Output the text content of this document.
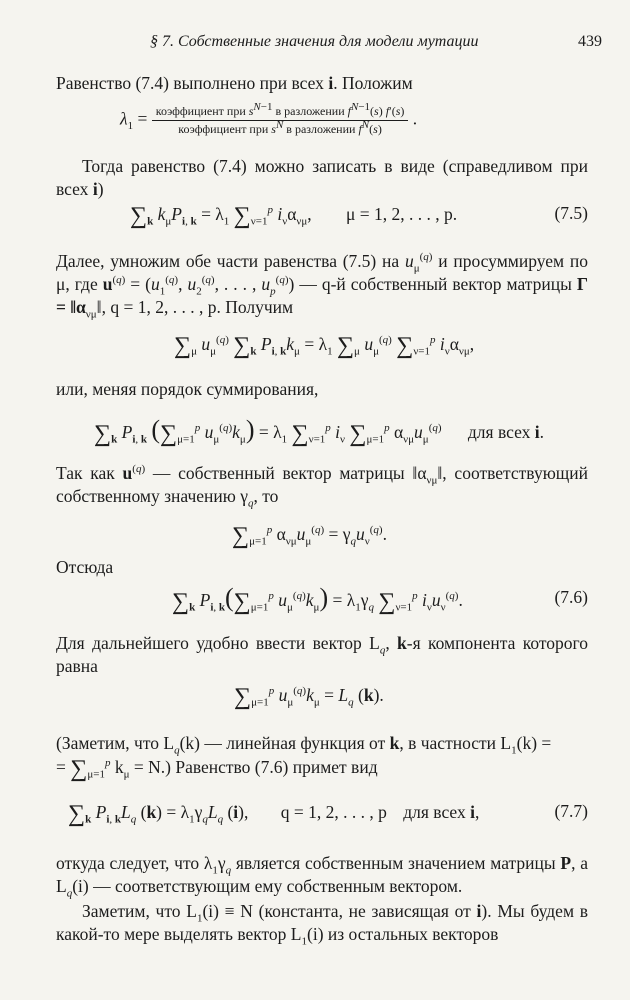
§ 7. Собственные значения для модели мутации	439
Равенство (7.4) выполнено при всех i. Положим
$\lambda_1 = \frac{коэффициент при s^{N-1} в разложении f^{N-1}(s) f'(s)}{коэффициент при s^N в разложении f^N(s)}$ .
Тогда равенство (7.4) можно записать в виде (справедливом при всех i)
$\sum_k$ $k_\mu P_{i, k} = \lambda_1$ $\sum_{\nu=1}^p$ $i_\nu\alpha_{\nu\mu}$, μ = 1, 2, . . . , p.	(7.5)
Далее, умножим обе части равенства (7.5) на $u_\mu^{(q)}$ и просуммируем по μ, где $u^{(q)} = (u_1^{(q)}$, $u_2^{(q)}$, . . . , $u_p^{(q)}$) — q-й собственный вектор матрицы $\Gamma = ‖\alpha_{\nu\mu}‖$, q = 1, 2, . . . , p. Получим
$\sum_\mu$ $u_\mu^{(q)}$ $\sum_k$ $P_{i, k}k_\mu = \lambda_1$ $\sum_\mu$ $u_\mu^{(q)}$ $\sum_{\nu=1}^p$ $i_\nu\alpha_{\nu\mu}$,
или, меняя порядок суммирования,
$\sum_k$ $P_{i, k}$ ($\sum_{\mu=1}^p$ $u_\mu^{(q)}k_\mu) = \lambda_1$ $\sum_{\nu=1}^p$ $i_\nu$ $\sum_{\mu=1}^p$ $\alpha_{\nu\mu}u_\mu^{(q)}$ для всех i.
Так как $u^{(q)}$ — собственный вектор матрицы $‖\alpha_{\nu\mu}‖$, соответствующий собственному значению $\gamma_q$, то
$\sum_{\mu=1}^p$ $\alpha_{\nu\mu}u_\mu^{(q)} = \gamma_qu_\nu^{(q)}$.
Отсюда
$\sum_k$ $P_{i, k}(\sum_{\mu=1}^p$ $u_\mu^{(q)}k_\mu) = \lambda_1\gamma_q$ $\sum_{\nu=1}^p$ $i_\nu u_\nu^{(q)}$.	(7.6)
Для дальнейшего удобно ввести вектор $L_q$, k-я компонента которого равна
$\sum_{\mu=1}^p$ $u_\mu^{(q)}k_\mu = L_q$ (k).
(Заметим, что $L_q(k)$ — линейная функция от k, в частности $L_1(k)$ =
= $\sum_{\mu=1}^p$ $k_\mu = N$.) Равенство (7.6) примет вид
$\sum_k$ $P_{i, k}L_q$ $(k) = \lambda_1\gamma_qL_q$ (i), q = 1, 2, . . . , p для всех i,	(7.7)
откуда следует, что $\lambda_1\gamma_q$ является собственным значением матрицы P, а $L_q(i)$ — соответствующим ему собственным вектором.
Заметим, что $L_1(i) \equiv N$ (константа, не зависящая от i). Мы будем в какой-то мере выделять вектор $L_1(i)$ из остальных векторов
